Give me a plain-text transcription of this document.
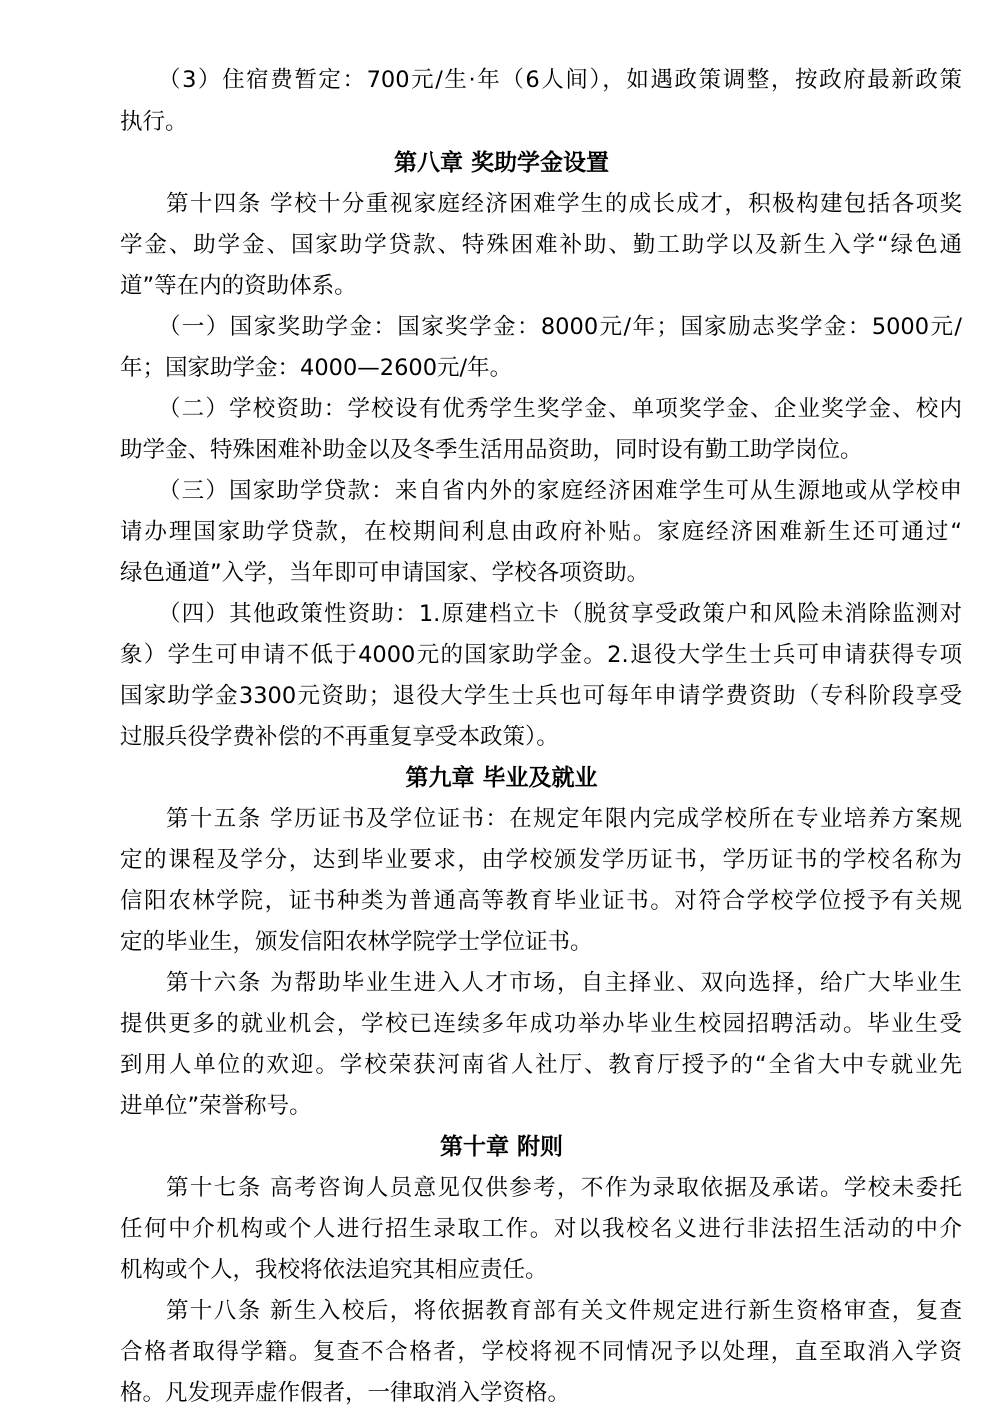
（3）住宿费暂定：700元/生·年（6人间），如遇政策调整，按政府最新政策
执行。
第八章 奖助学金设置
第十四条 学校十分重视家庭经济困难学生的成长成才，积极构建包括各项奖
学金、助学金、国家助学贷款、特殊困难补助、勤工助学以及新生入学“绿色通
道”等在内的资助体系。
（一）国家奖助学金：国家奖学金：8000元/年；国家励志奖学金：5000元/
年；国家助学金：4000—2600元/年。
（二）学校资助：学校设有优秀学生奖学金、单项奖学金、企业奖学金、校内
助学金、特殊困难补助金以及冬季生活用品资助，同时设有勤工助学岗位。
（三）国家助学贷款：来自省内外的家庭经济困难学生可从生源地或从学校申
请办理国家助学贷款，在校期间利息由政府补贴。家庭经济困难新生还可通过“
绿色通道”入学，当年即可申请国家、学校各项资助。
（四）其他政策性资助：1.原建档立卡（脱贫享受政策户和风险未消除监测对
象）学生可申请不低于4000元的国家助学金。2.退役大学生士兵可申请获得专项
国家助学金3300元资助；退役大学生士兵也可每年申请学费资助（专科阶段享受
过服兵役学费补偿的不再重复享受本政策）。
第九章 毕业及就业
第十五条 学历证书及学位证书：在规定年限内完成学校所在专业培养方案规
定的课程及学分，达到毕业要求，由学校颁发学历证书，学历证书的学校名称为
信阳农林学院，证书种类为普通高等教育毕业证书。对符合学校学位授予有关规
定的毕业生，颁发信阳农林学院学士学位证书。
第十六条 为帮助毕业生进入人才市场，自主择业、双向选择，给广大毕业生
提供更多的就业机会，学校已连续多年成功举办毕业生校园招聘活动。毕业生受
到用人单位的欢迎。学校荣获河南省人社厅、教育厅授予的“全省大中专就业先
进单位”荣誉称号。
第十章 附则
第十七条 高考咨询人员意见仅供参考，不作为录取依据及承诺。学校未委托
任何中介机构或个人进行招生录取工作。对以我校名义进行非法招生活动的中介
机构或个人，我校将依法追究其相应责任。
第十八条 新生入校后，将依据教育部有关文件规定进行新生资格审查，复查
合格者取得学籍。复查不合格者，学校将视不同情况予以处理，直至取消入学资
格。凡发现弄虚作假者，一律取消入学资格。
